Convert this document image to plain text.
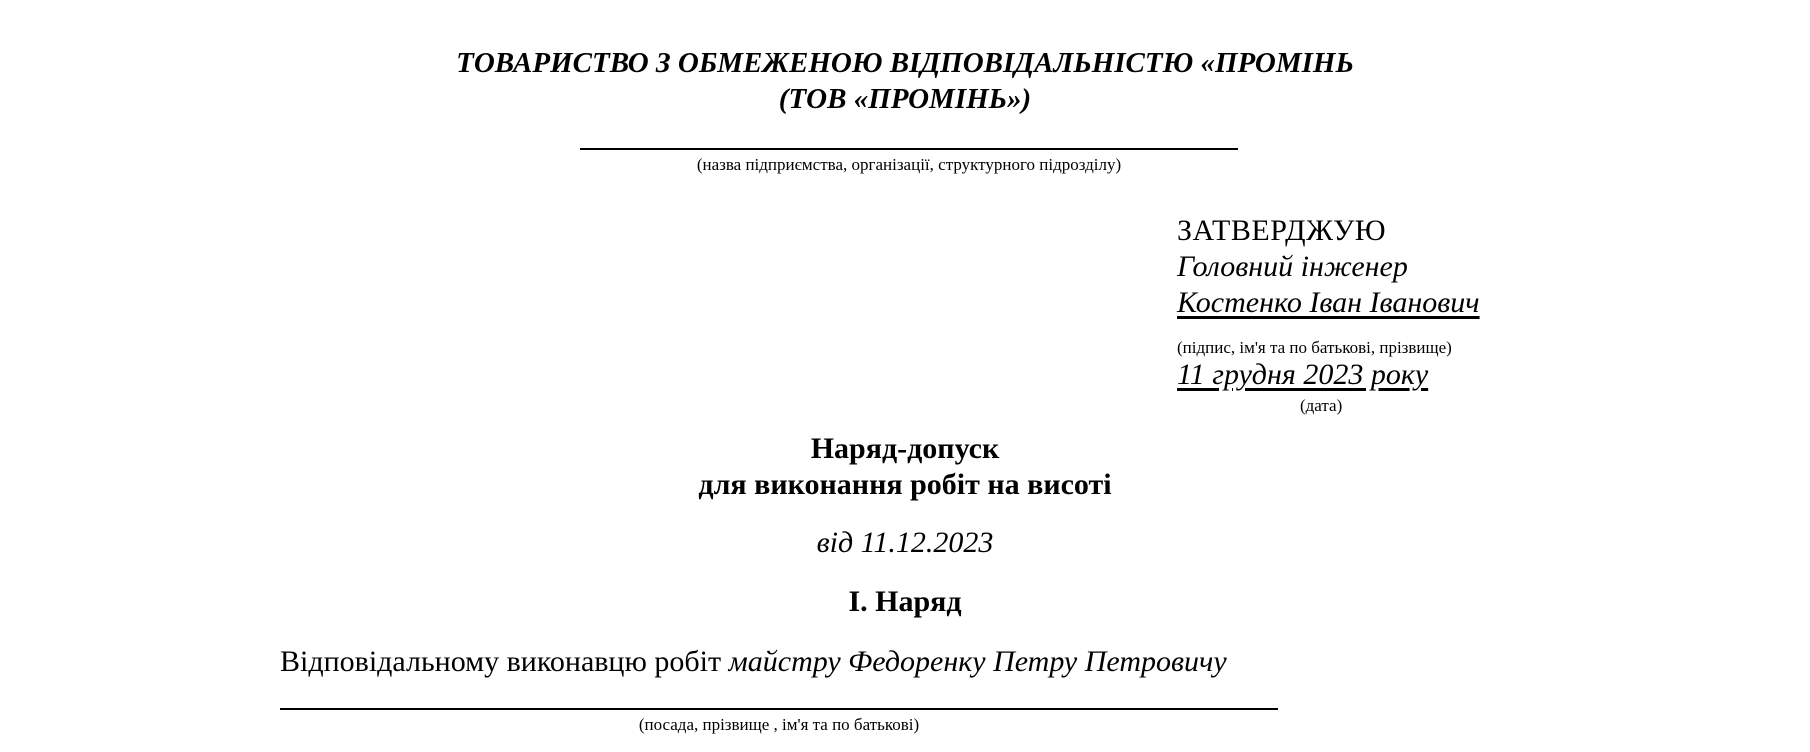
ТОВАРИСТВО З ОБМЕЖЕНОЮ ВІДПОВІДАЛЬНІСТЮ «ПРОМІНЬ
(ТОВ «ПРОМІНЬ»)
(назва підприємства, організації, структурного підрозділу)
ЗАТВЕРДЖУЮ
Головний інженер
Костенко Іван Іванович
(підпис, ім'я та по батькові, прізвище)
11 грудня 2023 року
(дата)
Наряд-допуск
для виконання робіт на висоті
від 11.12.2023
І. Наряд
Відповідальному виконавцю робіт майстру Федоренку Петру Петровичу
(посада, прізвище , ім'я та по батькові)
